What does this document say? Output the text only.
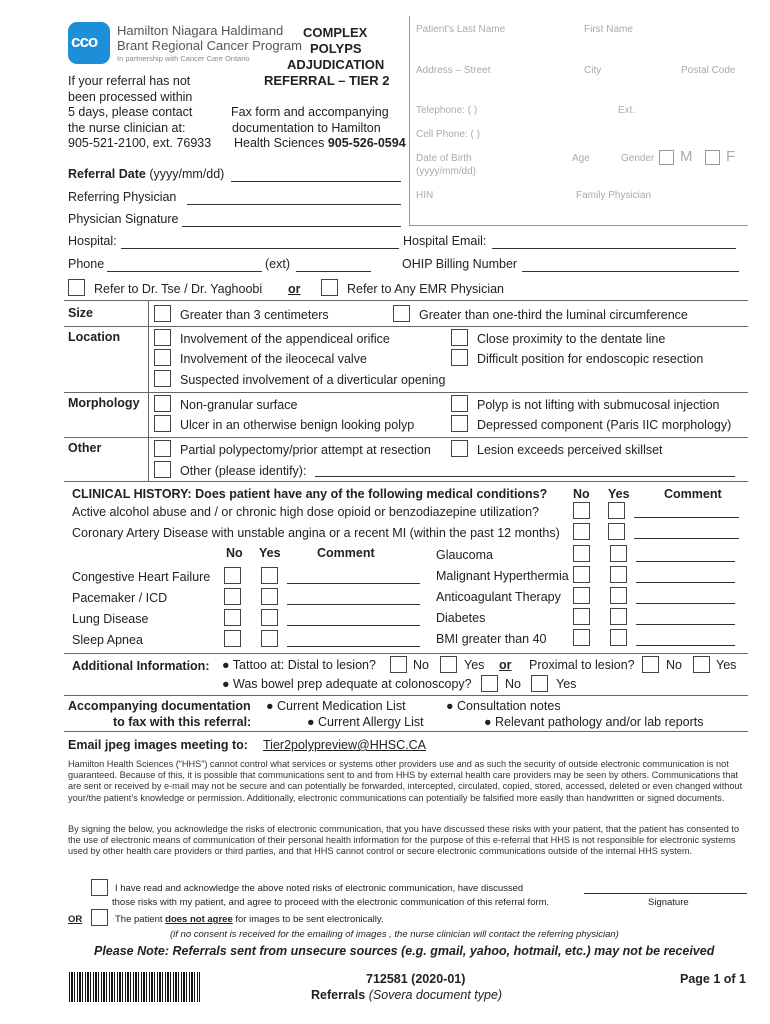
cco
Hamilton Niagara Haldimand
Brant Regional Cancer Program
In partnership with Cancer Care Ontario
COMPLEX
POLYPS
ADJUDICATION
REFERRAL – TIER 2
If your referral has not
been processed within
5 days, please contact
the nurse clinician at:
905-521-2100, ext. 76933
Fax form and accompanying
documentation to Hamilton
Health Sciences 905-526-0594
Patient's Last Name	First Name
Address – Street	City	Postal Code
Telephone: ( )	Ext.
Cell Phone: ( )
Date of Birth
(yyyy/mm/dd)
Age	Gender M F
HIN	Family Physician
Referral Date (yyyy/mm/dd)
Referring Physician
Physician Signature
Hospital:	Hospital Email:
Phone	(ext)	OHIP Billing Number
Refer to Dr. Tse / Dr. Yaghoobi or	Refer to Any EMR Physician
Size	Greater than 3 centimeters	Greater than one-third the luminal circumference
Location	Involvement of the appendiceal orifice	Close proximity to the dentate line
Involvement of the ileocecal valve	Difficult position for endoscopic resection
Suspected involvement of a diverticular opening
Morphology	Non-granular surface	Polyp is not lifting with submucosal injection
Ulcer in an otherwise benign looking polyp	Depressed component (Paris IIC morphology)
Other	Partial polypectomy/prior attempt at resection	Lesion exceeds perceived skillset
Other (please identify):
CLINICAL HISTORY: Does patient have any of the following medical conditions? No Yes	Comment
Active alcohol abuse and / or chronic high dose opioid or benzodiazepine utilization?
Coronary Artery Disease with unstable angina or a recent MI (within the past 12 months)
No Yes	Comment
Congestive Heart Failure
Pacemaker / ICD
Lung Disease
Sleep Apnea
Glaucoma
Malignant Hyperthermia
Anticoagulant Therapy
Diabetes
BMI greater than 40
Additional Information: ● Tattoo at: Distal to lesion?	No	Yes or Proximal to lesion?	No	Yes
● Was bowel prep adequate at colonoscopy?	No	Yes
Accompanying documentation
to fax with this referral:
● Current Medication List	● Consultation notes
● Current Allergy List	● Relevant pathology and/or lab reports
Email jpeg images meeting to: Tier2polypreview@HHSC.CA
Hamilton Health Sciences (“HHS”) cannot control what services or systems other providers use and as such the security of outside electronic communication is not guaranteed. Because of this, it is possible that communications sent to and from HHS by external health care providers may be seen by others. Communications that are sent or received by e-mail may not be secure and can potentially be forwarded, intercepted, circulated, copied, stored, accessed, deleted or even changed without your/the patient’s knowledge or permission. Additionally, electronic communications can potentially be falsified more easily than handwritten or signed documents.
By signing the below, you acknowledge the risks of electronic communication, that you have discussed these risks with your patient, that the patient has consented to the use of electronic means of communication of their personal health information for the purpose of this e-referral that HHS is not responsible for electronic systems used by other health care providers or third parties, and that HHS cannot control or secure electronic communications outside of the internal HHS system.
I have read and acknowledge the above noted risks of electronic communication, have discussed
those risks with my patient, and agree to proceed with the electronic communication of this referral form.	Signature
OR	The patient does not agree for images to be sent electronically.
(if no consent is received for the emailing of images , the nurse clinician will contact the referring physician)
Please Note: Referrals sent from unsecure sources (e.g. gmail, yahoo, hotmail, etc.) may not be received
712581 (2020-01)
Referrals (Sovera document type)
Page 1 of 1
